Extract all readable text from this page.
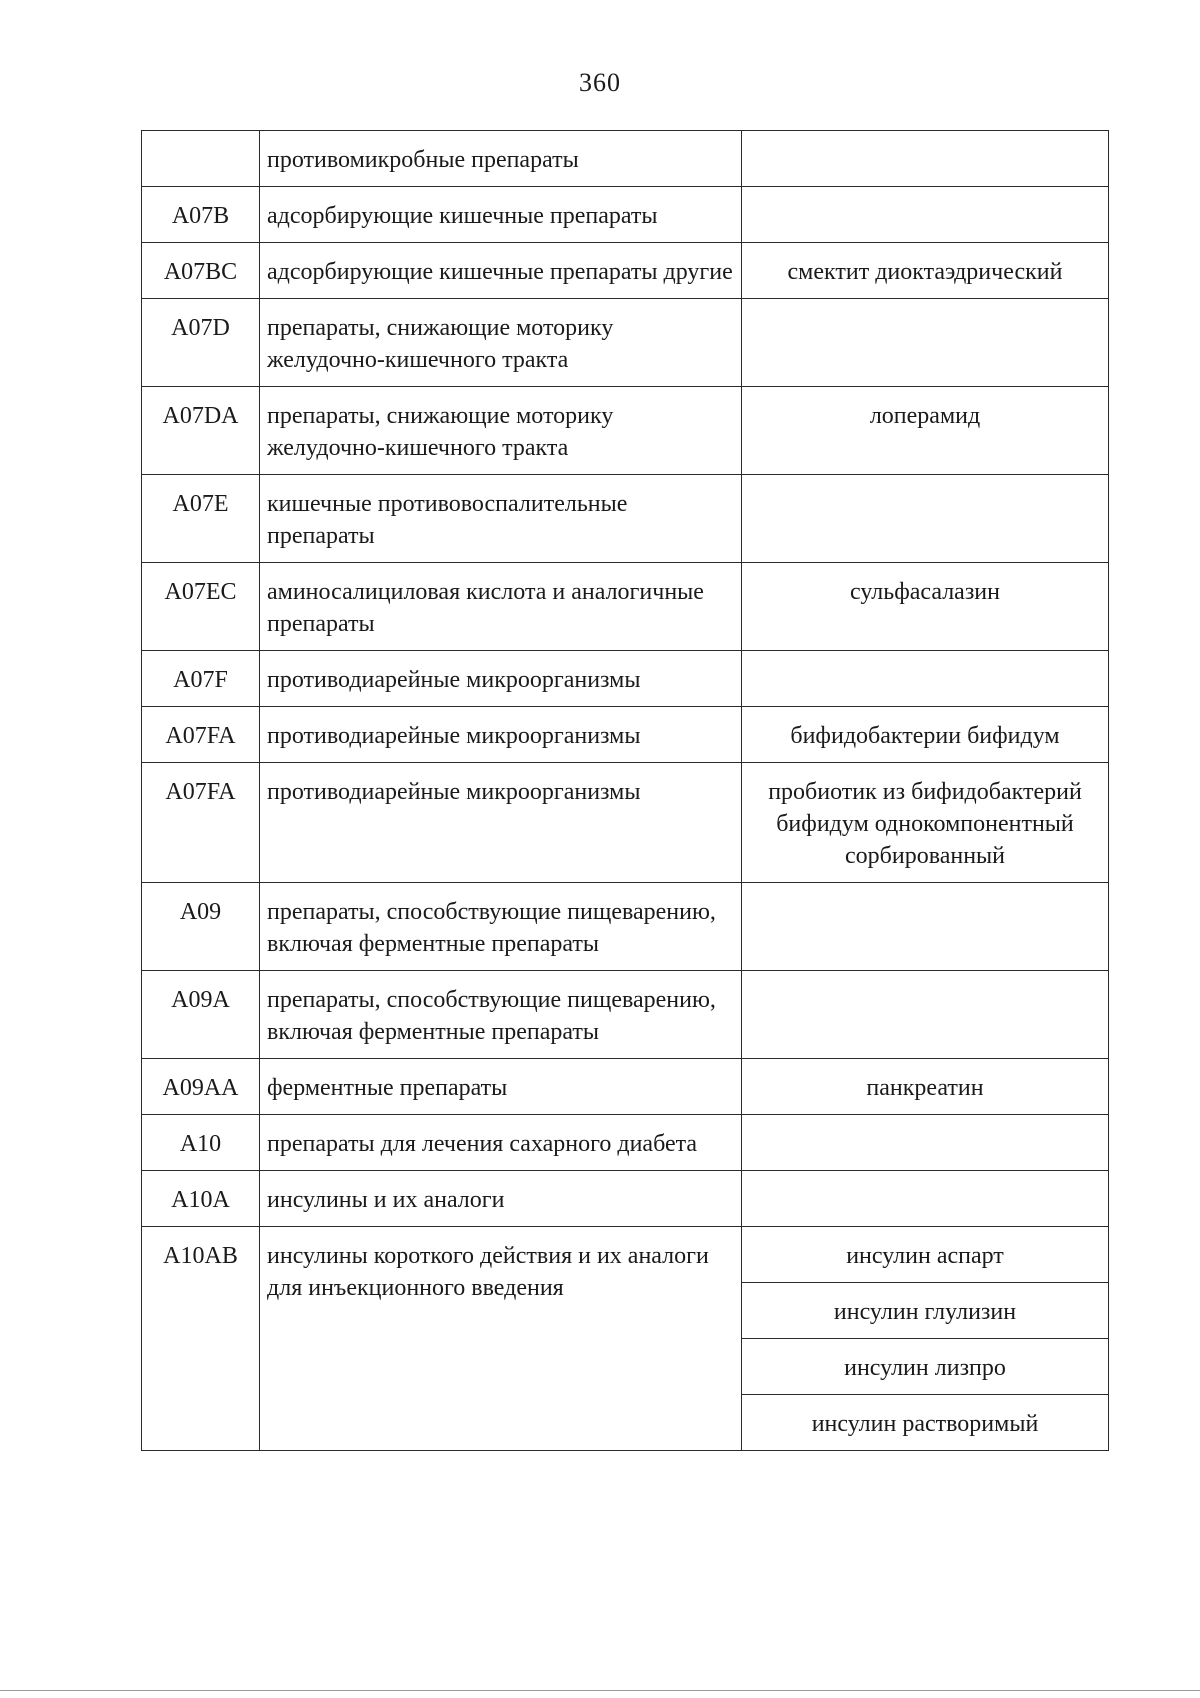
360
	противомикробные препараты	
A07B	адсорбирующие кишечные препараты	
A07BC	адсорбирующие кишечные препараты другие	смектит диоктаэдрический
A07D	препараты, снижающие моторику желудочно-кишечного тракта	
A07DA	препараты, снижающие моторику желудочно-кишечного тракта	лоперамид
A07E	кишечные противовоспалительные препараты	
A07EC	аминосалициловая кислота и аналогичные препараты	сульфасалазин
A07F	противодиарейные микроорганизмы	
A07FA	противодиарейные микроорганизмы	бифидобактерии бифидум
A07FA	противодиарейные микроорганизмы	пробиотик из бифидобактерий бифидум однокомпонентный сорбированный
A09	препараты, способствующие пищеварению, включая ферментные препараты	
A09A	препараты, способствующие пищеварению, включая ферментные препараты	
A09AA	ферментные препараты	панкреатин
A10	препараты для лечения сахарного диабета	
A10A	инсулины и их аналоги	
A10AB	инсулины короткого действия и их аналоги для инъекционного введения	инсулин аспарт
		инсулин глулизин
		инсулин лизпро
		инсулин растворимый
